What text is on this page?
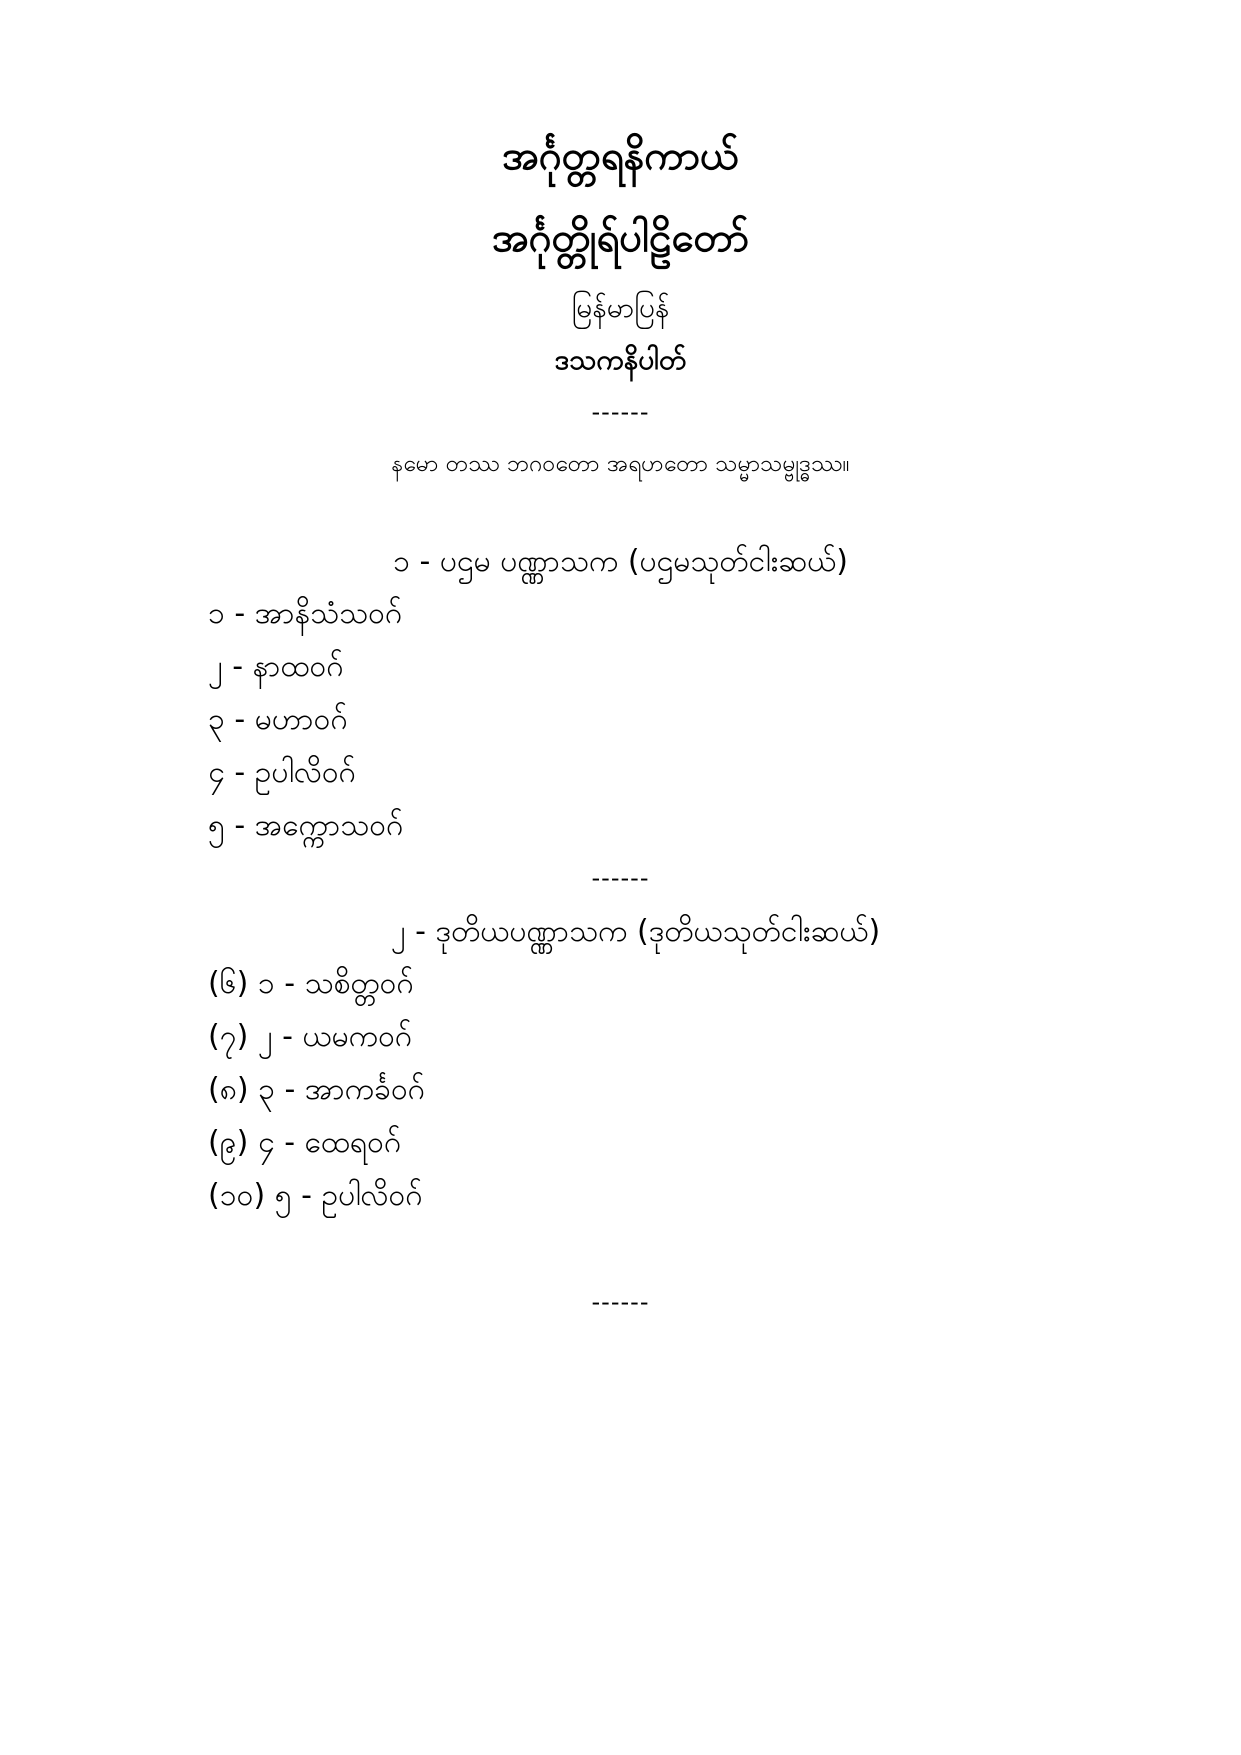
အင်္ဂုတ္တရနိကာယ်
အင်္ဂုတ္တိုရ်ပါဠိတော်
မြန်မာပြန်
ဒသကနိပါတ်
------
နမော တဿ ဘဂဝတော အရဟတော သမ္မာသမ္ဗုဒ္ဓဿ။
၁ - ပဌမ ပဏ္ဏာသက (ပဌမသုတ်ငါးဆယ်)
၁ - အာနိသံသဝဂ်
၂ - နာထဝဂ်
၃ - မဟာဝဂ်
၄ - ဥပါလိဝဂ်
၅ - အက္ကောသဝဂ်
------
၂ - ဒုတိယပဏ္ဏာသက (ဒုတိယသုတ်ငါးဆယ်)
(၆) ၁ - သစိတ္တဝဂ်
(၇) ၂ - ယမကဝဂ်
(၈) ၃ - အာကင်္ခဝဂ်
(၉) ၄ - ထေရဝဂ်
(၁၀) ၅ - ဥပါလိဝဂ်
------
